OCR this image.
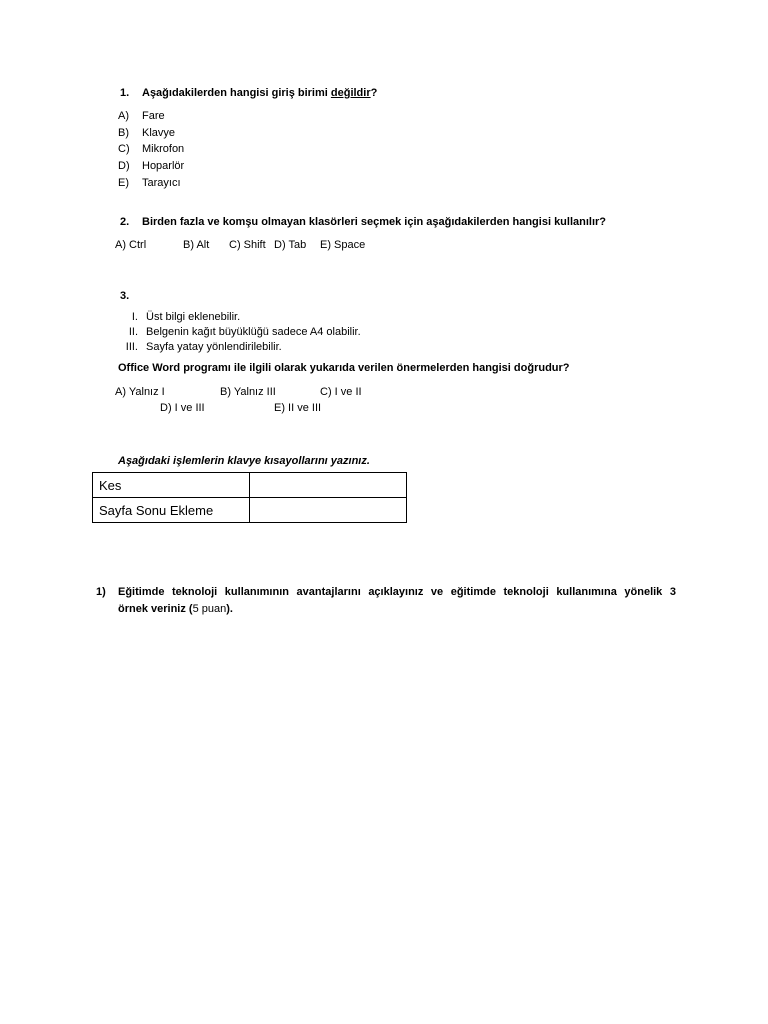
1. Aşağıdakilerden hangisi giriş birimi değildir?
A) Fare
B) Klavye
C) Mikrofon
D) Hoparlör
E) Tarayıcı
2. Birden fazla ve komşu olmayan klasörleri seçmek için aşağıdakilerden hangisi kullanılır?
A) Ctrl	B) Alt C) Shift D) Tab E) Space
3.
I. Üst bilgi eklenebilir.
II. Belgenin kağıt büyüklüğü sadece A4 olabilir.
III. Sayfa yatay yönlendirilebilir.
Office Word programı ile ilgili olarak yukarıda verilen önermelerden hangisi doğrudur?
A) Yalnız I	B) Yalnız III	C) I ve II
D) I ve III	E) II ve III
Aşağıdaki işlemlerin klavye kısayollarını yazınız.
Kes	
Sayfa Sonu Ekleme	
1) Eğitimde teknoloji kullanımının avantajlarını açıklayınız ve eğitimde teknoloji kullanımına yönelik 3
örnek veriniz (5 puan).
